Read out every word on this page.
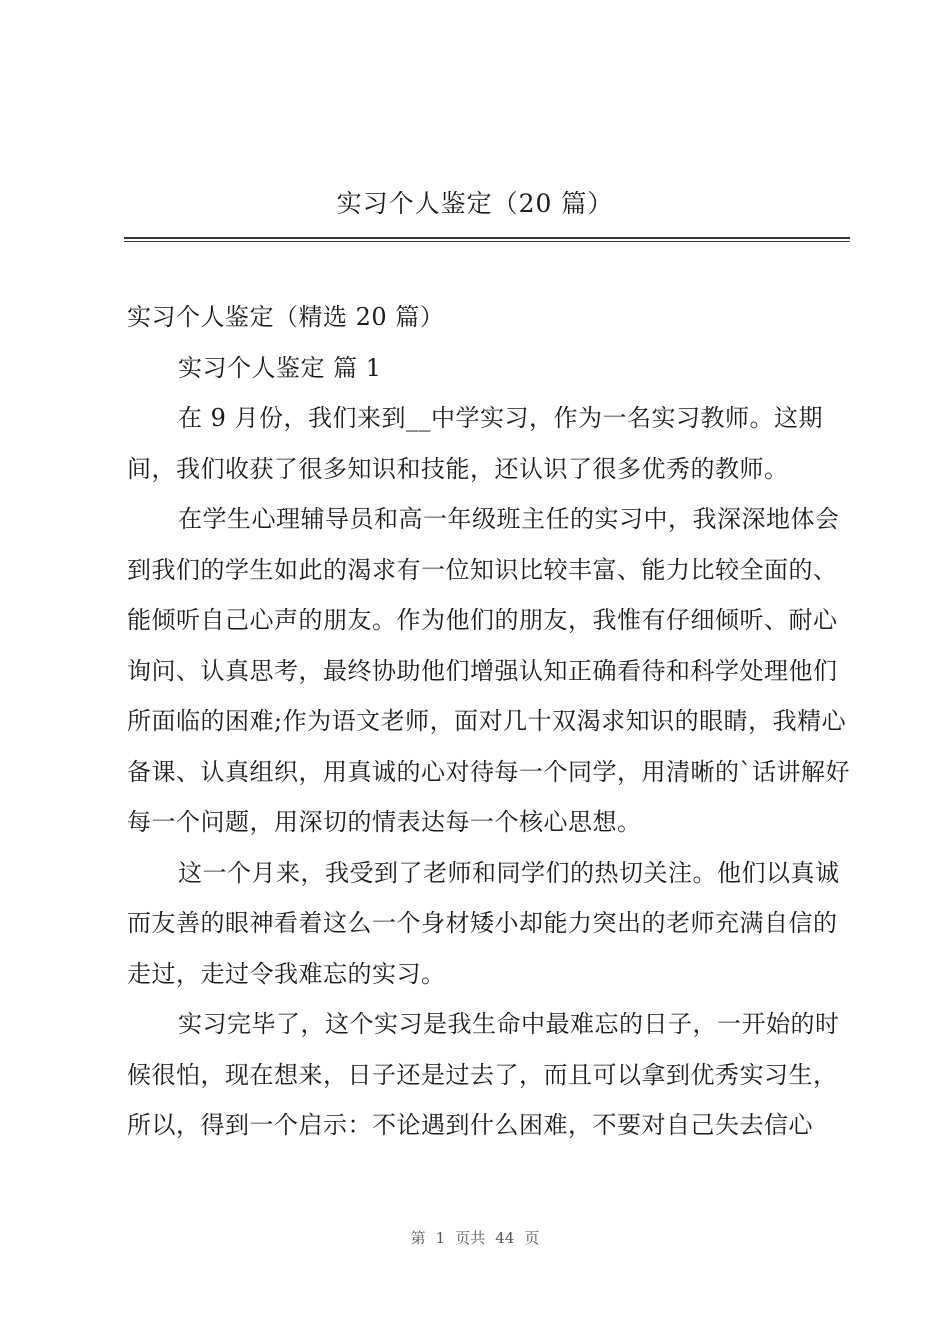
实习个人鉴定（20 篇）

实习个人鉴定（精选 20 篇）

实习个人鉴定 篇 1

在 9 月份，我们来到__中学实习，作为一名实习教师。这期间，我们收获了很多知识和技能，还认识了很多优秀的教师。

在学生心理辅导员和高一年级班主任的实习中，我深深地体会到我们的学生如此的渴求有一位知识比较丰富、能力比较全面的、能倾听自己心声的朋友。作为他们的朋友，我惟有仔细倾听、耐心询问、认真思考，最终协助他们增强认知正确看待和科学处理他们所面临的困难;作为语文老师，面对几十双渴求知识的眼睛，我精心备课、认真组织，用真诚的心对待每一个同学，用清晰的`话讲解好每一个问题，用深切的情表达每一个核心思想。

这一个月来，我受到了老师和同学们的热切关注。他们以真诚而友善的眼神看着这么一个身材矮小却能力突出的老师充满自信的走过，走过令我难忘的实习。

实习完毕了，这个实习是我生命中最难忘的日子，一开始的时候很怕，现在想来，日子还是过去了，而且可以拿到优秀实习生，所以，得到一个启示：不论遇到什么困难，不要对自己失去信心

第 1 页共 44 页
